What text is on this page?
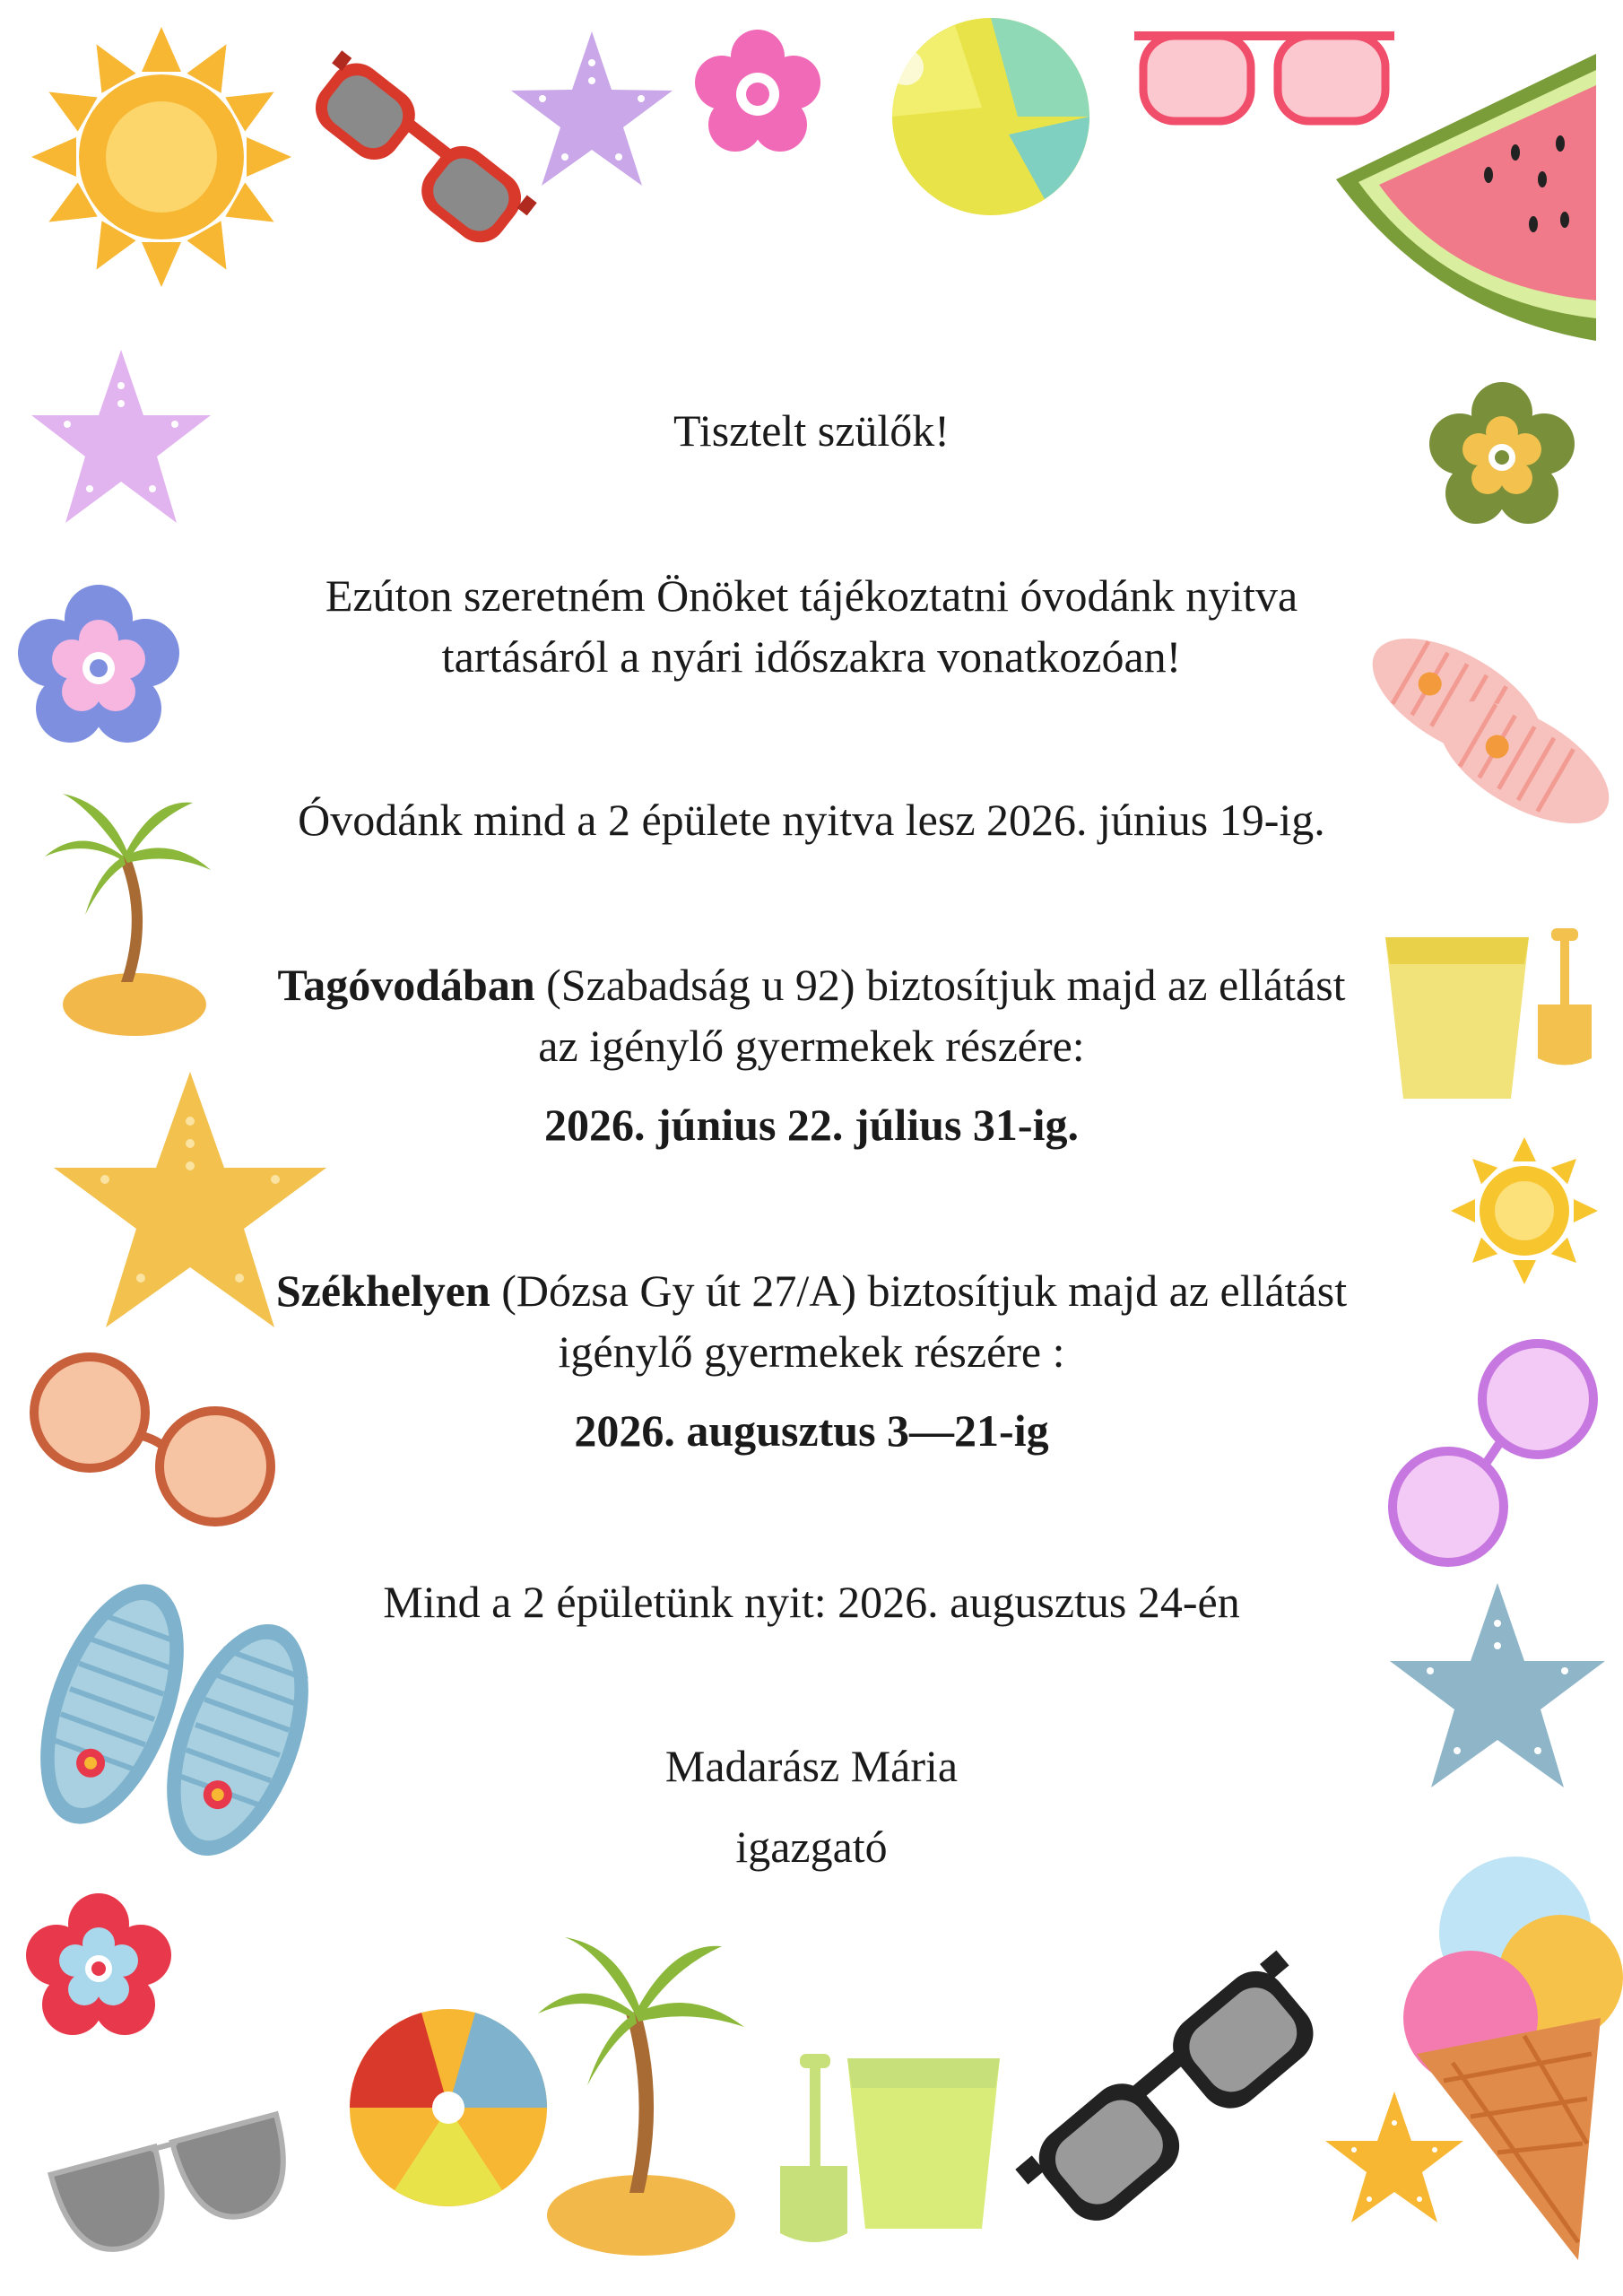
Tisztelt szülők!
Ezúton szeretném Önöket tájékoztatni óvodánk nyitva
tartásáról a nyári időszakra vonatkozóan!
Óvodánk mind a 2 épülete nyitva lesz 2026. június 19-ig.
Tagóvodában (Szabadság u 92) biztosítjuk majd az ellátást
az igénylő gyermekek részére:
2026. június 22. július 31-ig.
Székhelyen (Dózsa Gy út 27/A) biztosítjuk majd az ellátást
igénylő gyermekek részére :
2026. augusztus 3—21-ig
Mind a 2 épületünk nyit: 2026. augusztus 24-én
Madarász Mária
igazgató
